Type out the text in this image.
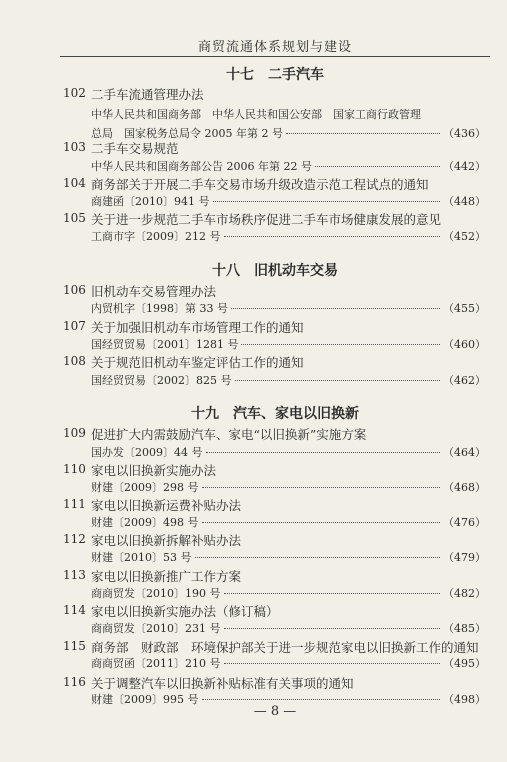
商贸流通体系规划与建设
十七　二手汽车
102 二手车流通管理办法
中华人民共和国商务部　中华人民共和国公安部　国家工商行政管理
总局　国家税务总局令 2005 年第 2 号	（436）
103 二手车交易规范
中华人民共和国商务部公告 2006 年第 22 号	（442）
104 商务部关于开展二手车交易市场升级改造示范工程试点的通知
商建函〔2010〕941 号	（448）
105 关于进一步规范二手车市场秩序促进二手车市场健康发展的意见
工商市字〔2009〕212 号	（452）
十八　旧机动车交易
106 旧机动车交易管理办法
内贸机字〔1998〕第 33 号	（455）
107 关于加强旧机动车市场管理工作的通知
国经贸贸易〔2001〕1281 号	（460）
108 关于规范旧机动车鉴定评估工作的通知
国经贸贸易〔2002〕825 号	（462）
十九　汽车、家电以旧换新
109 促进扩大内需鼓励汽车、家电“以旧换新”实施方案
国办发〔2009〕44 号	（464）
110 家电以旧换新实施办法
财建〔2009〕298 号	（468）
111 家电以旧换新运费补贴办法
财建〔2009〕498 号	（476）
112 家电以旧换新拆解补贴办法
财建〔2010〕53 号	（479）
113 家电以旧换新推广工作方案
商商贸发〔2010〕190 号	（482）
114 家电以旧换新实施办法（修订稿）
商商贸发〔2010〕231 号	（485）
115 商务部　财政部　环境保护部关于进一步规范家电以旧换新工作的通知
商商贸函〔2011〕210 号	（495）
116 关于调整汽车以旧换新补贴标准有关事项的通知
财建〔2009〕995 号	（498）
— 8 —
